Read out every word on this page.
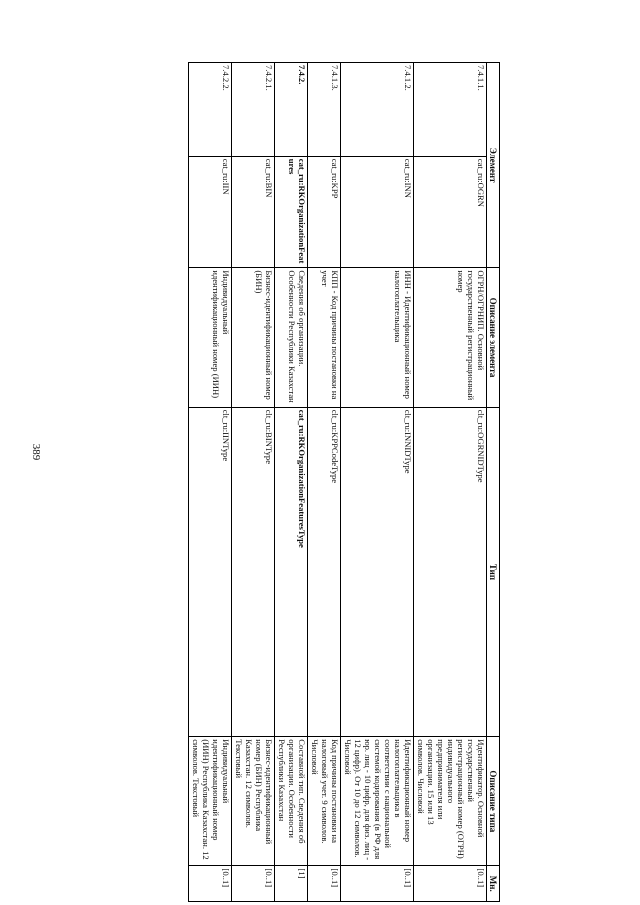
389
Элемент		Описание элемента	Тип	Описание типа	Мн.
7.4.1.1.	cat_ru:OGRN	ОГРН/ОГРНИП. Основной государственный регистрационный номер	clt_ru:OGRNIDType	Идентификатор. Основной государственный регистрационный номер (ОГРН) индивидуального предпринимателя или организации. 15 или 13 символов. Числовой	[0..1]
7.4.1.2.	cat_ru:INN	ИНН - Идентификационный номер налогоплательщика	clt_ru:INNIDType	Идентификационный номер налогоплательщика в соответствии с национальной системой кодирования (в РФ для юр. лиц - 10 цифр, для физ. лиц - 12 цифр). От 10 до 12 символов. Числовой	[0..1]
7.4.1.3.	cat_ru:KPP	КПП - Код причины постановки на учет	clt_ru:KPPCodeType	Код причины постановки на налоговый учет. 9 символов. Числовой	[0..1]
7.4.2.	cat_ru:RKOrganizationFeatures	Сведения об организации. Особенности Республики Казахстан	cat_ru:RKOrganizationFeaturesType	Составной тип. Сведения об организации. Особенности Республики Казахстан	[1]
7.4.2.1.	cat_ru:BIN	Бизнес-идентификационный номер (БИН)	clt_ru:BINType	Бизнес-идентификационный номер (БИН) Республика Казахстан. 12 символов. Текстовый	[0..1]
7.4.2.2.	cat_ru:IIN	Индивидуальный идентификационный номер (ИИН)	clt_ru:IINType	Индивидуальный идентификационный номер (ИИН) Республика Казахстан. 12 символов. Текстовый	[0..1]
